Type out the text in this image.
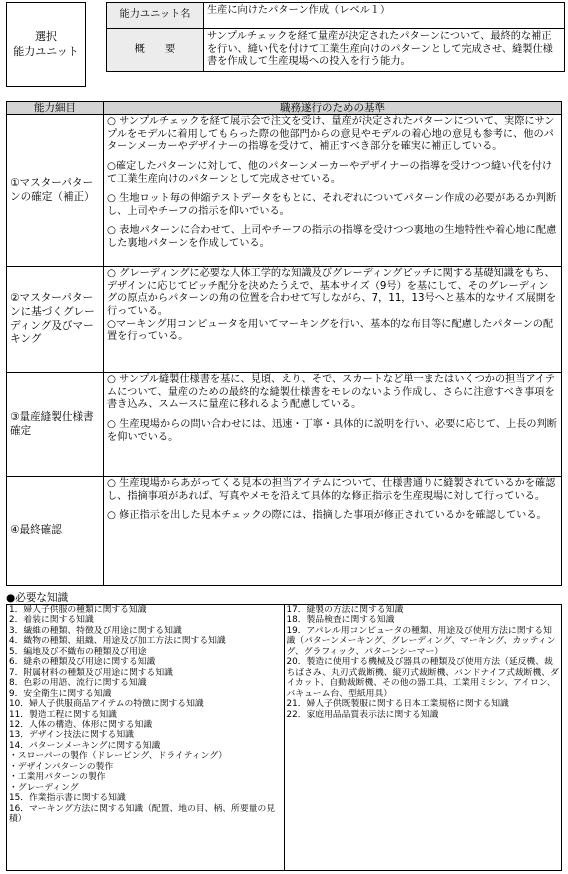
選択
能力ユニット
能力ユニット名	生産に向けたパターン作成（レベル１）
概　　要	サンプルチェックを経て量産が決定されたパターンについて、最終的な補正を行い、縫い代を付けて工業生産向けのパターンとして完成させ、縫製仕様書を作成して生産現場への投入を行う能力。
能力細目	職務遂行のための基準
①マスターパターンの確定（補正）	○ サンプルチェックを経て展示会で注文を受け、量産が決定されたパターンについて、実際にサンプルをモデルに着用してもらった際の他部門からの意見やモデルの着心地の意見も参考に、他のパターンメーカーやデザイナーの指導を受けて、補正すべき部分を確実に補正している。

○確定したパターンに対して、他のパターンメーカーやデザイナーの指導を受けつつ縫い代を付けて工業生産向けのパターンとして完成させている。

○ 生地ロット毎の伸縮テストデータをもとに、それぞれについてパターン作成の必要があるか判断し、上司やチーフの指示を仰いでいる。

○ 表地パターンに合わせて、上司やチーフの指示の指導を受けつつ裏地の生地特性や着心地に配慮した裏地パターンを作成している。

②マスターパターンに基づくグレーディング及びマーキング	○ グレーディングに必要な人体工学的な知識及びグレーディングピッチに関する基礎知識をもち、デザインに応じてピッチ配分を決めたうえで、基本サイズ（9号）を基にして、そのグレーディングの原点からパターンの角の位置を合わせて写しながら、7，11，13号へと基本的なサイズ展開を行っている。
○マーキング用コンピュータを用いてマーキングを行い、基本的な布目等に配慮したパターンの配置を行っている。

③量産縫製仕様書確定	○ サンプル縫製仕様書を基に、見頃、えり、そで、スカートなど単一またはいくつかの担当アイテムについて、量産のための最終的な縫製仕様書をモレのないよう作成し、さらに注意すべき事項を書き込み、スムースに量産に移れるよう配慮している。

○ 生産現場からの問い合わせには、迅速・丁寧・具体的に説明を行い、必要に応じて、上長の判断を仰いでいる。

④最終確認	○ 生産現場からあがってくる見本の担当アイテムについて、仕様書通りに縫製されているかを確認し、指摘事項があれば、写真やメモを沿えて具体的な修正指示を生産現場に対して行っている。

○ 修正指示を出した見本チェックの際には、指摘した事項が修正されているかを確認している。

●必要な知識
1．婦人子供服の種類に関する知識
2．着装に関する知識
3．繊維の種類、特徴及び用途に関する知識
4．織物の種類、組織、用途及び加工方法に関する知識
5．編地及び不織布の種類及び用途
6．縫糸の種類及び用途に関する知識
7．附属材料の種類及び用途に関する知識
8．色彩の用語、流行に関する知識
9．安全衛生に関する知識
10．婦人子供服商品アイテムの特徴に関する知識
11．製造工程に関する知識
12．人体の構造、体形に関する知識
13．デザイン技法に関する知識
14．パターンメーキングに関する知識
・スローパーの製作（ドレーピング、ドライティング）
・デザインパターンの製作
・工業用パターンの製作
・グレーディング
15．作業指示書に関する知識
16．マーキング方法に関する知識（配置、地の目、柄、所要量の見積）

17．縫製の方法に関する知識
18．製品検査に関する知識
19．アパレル用コンピュータの種類、用途及び使用方法に関する知識（パターンメーキング、グレーディング、マーキング、カッティング、グラフィック、パターンシーマー）
20．製造に使用する機械及び器具の種類及び使用方法（延反機、裁ちばさみ、丸刃式裁断機、縦刃式裁断機、バンドナイフ式裁断機、ダイカット、自動裁断機、その他の器工具、工業用ミシン、アイロン、バキューム台、型紙用具）
21．婦人子供既製服に関する日本工業規格に関する知識
22．家庭用品品質表示法に関する知識
